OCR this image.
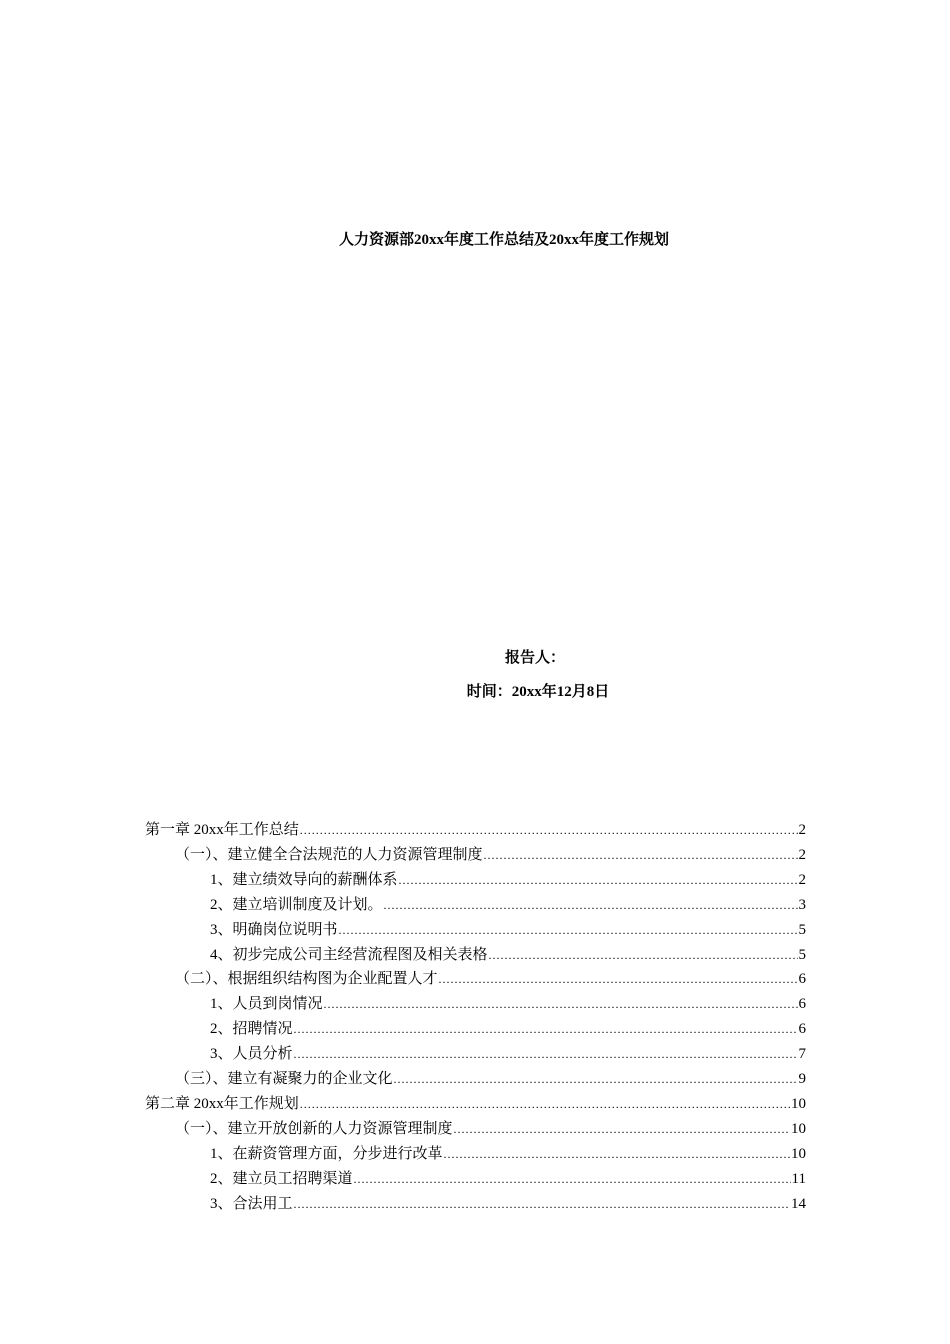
人力资源部20xx年度工作总结及20xx年度工作规划
报告人：
时间：20xx年12月8日
第一章 20xx年工作总结 .....	2
（一）、建立健全合法规范的人力资源管理制度 .....	2
1、建立绩效导向的薪酬体系 .....	2
2、建立培训制度及计划。 .....	3
3、明确岗位说明书 .....	5
4、初步完成公司主经营流程图及相关表格 .....	5
（二）、根据组织结构图为企业配置人才 .....	6
1、人员到岗情况 .....	6
2、招聘情况 .....	6
3、人员分析 .....	7
（三）、建立有凝聚力的企业文化 .....	9
第二章 20xx年工作规划 .....	10
（一）、建立开放创新的人力资源管理制度 .....	10
1、在薪资管理方面，分步进行改革 .....	10
2、建立员工招聘渠道 .....	11
3、合法用工 .....	14
